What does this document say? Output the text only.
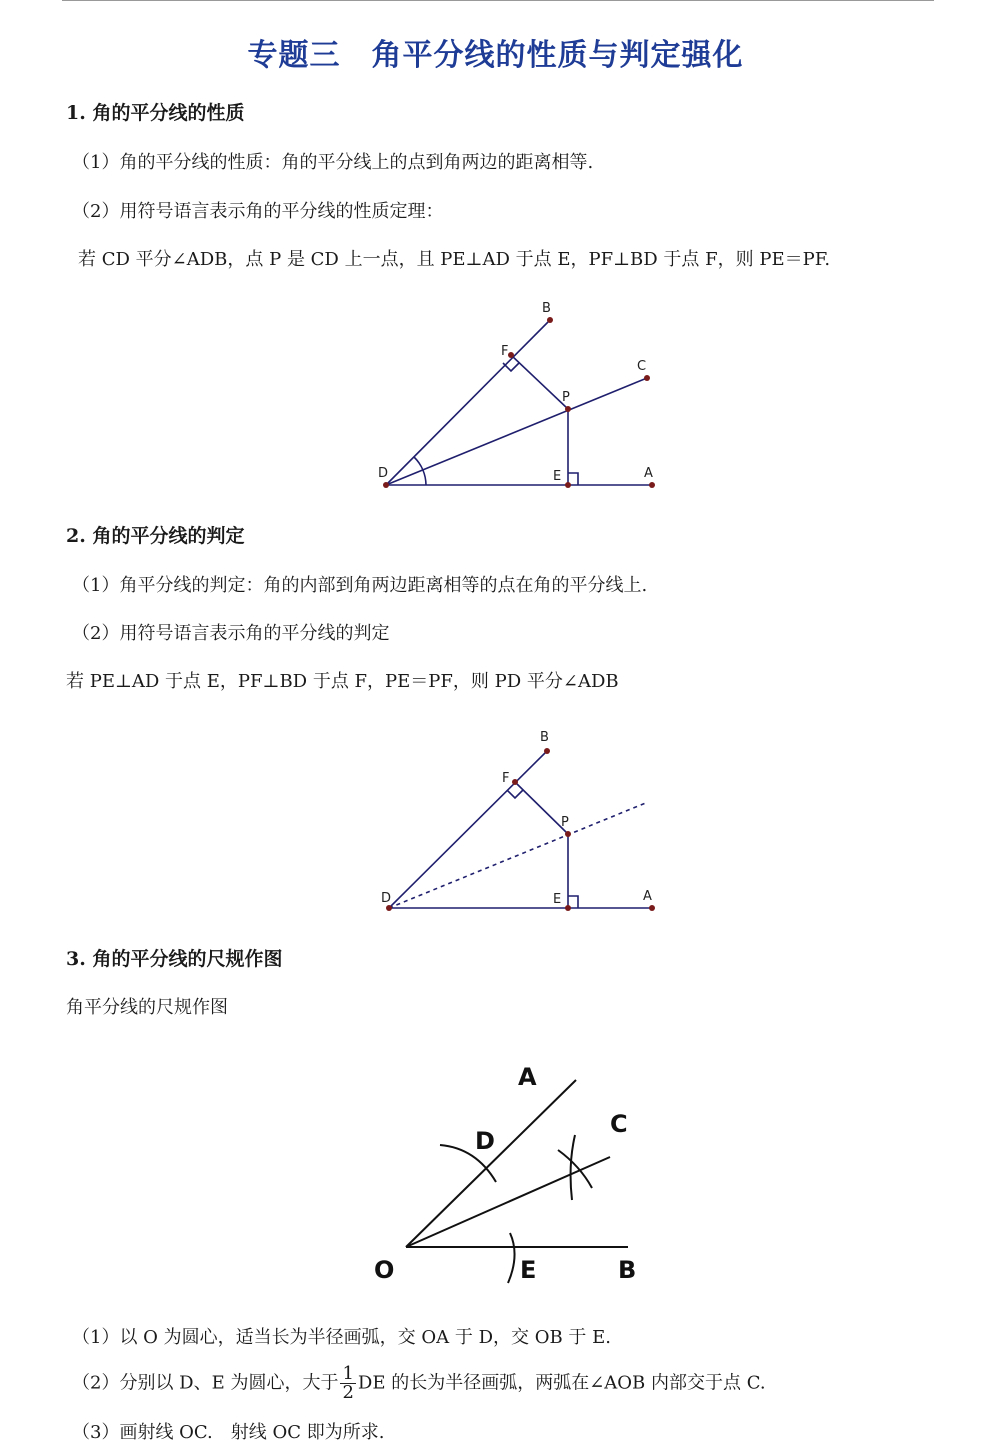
专题三　角平分线的性质与判定强化
1. 角的平分线的性质
（1）角的平分线的性质：角的平分线上的点到角两边的距离相等.
（2）用符号语言表示角的平分线的性质定理：
若 CD 平分∠ADB，点 P 是 CD 上一点，且 PE⊥AD 于点 E，PF⊥BD 于点 F，则 PE＝PF.
2. 角的平分线的判定
（1）角平分线的判定：角的内部到角两边距离相等的点在角的平分线上.
（2）用符号语言表示角的平分线的判定
若 PE⊥AD 于点 E，PF⊥BD 于点 F，PE＝PF，则 PD 平分∠ADB
3. 角的平分线的尺规作图
角平分线的尺规作图
（1）以 O 为圆心，适当长为半径画弧，交 OA 于 D，交 OB 于 E.
（2）分别以 D、E 为圆心，大于 $\frac{1}{2}$ DE 的长为半径画弧，两弧在∠AOB 内部交于点 C.
（3）画射线 OC.　射线 OC 即为所求.
B
F
C
P
D	E	A
B
F
P
D	E	A
A
C
D
O	E	B
